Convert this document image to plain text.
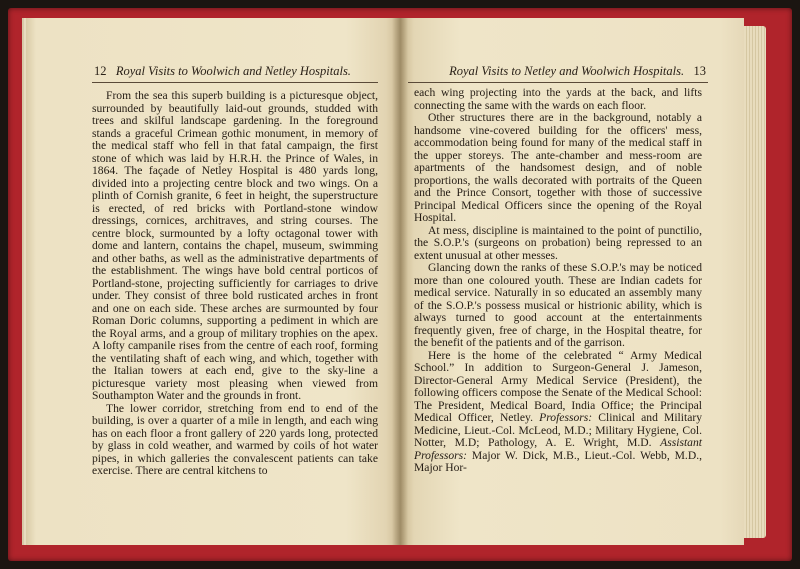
12 Royal Visits to Woolwich and Netley Hospitals.

From the sea this superb building is a picturesque object, surrounded by beautifully laid-out grounds, studded with trees and skilful landscape gardening. In the foreground stands a graceful Crimean gothic monument, in memory of the medical staff who fell in that fatal campaign, the first stone of which was laid by H.R.H. the Prince of Wales, in 1864. The façade of Netley Hospital is 480 yards long, divided into a projecting centre block and two wings. On a plinth of Cornish granite, 6 feet in height, the superstructure is erected, of red bricks with Portland-stone window dressings, cornices, architraves, and string courses. The centre block, surmounted by a lofty octagonal tower with dome and lantern, contains the chapel, museum, swimming and other baths, as well as the administrative departments of the establishment. The wings have bold central porticos of Portland-stone, projecting sufficiently for carriages to drive under. They consist of three bold rusticated arches in front and one on each side. These arches are surmounted by four Roman Doric columns, supporting a pediment in which are the Royal arms, and a group of military trophies on the apex. A lofty campanile rises from the centre of each roof, forming the ventilating shaft of each wing, and which, together with the Italian towers at each end, give to the sky-line a picturesque variety most pleasing when viewed from Southampton Water and the grounds in front.

The lower corridor, stretching from end to end of the building, is over a quarter of a mile in length, and each wing has on each floor a front gallery of 220 yards long, protected by glass in cold weather, and warmed by coils of hot water pipes, in which galleries the convalescent patients can take exercise. There are central kitchens to

Royal Visits to Netley and Woolwich Hospitals. 13

each wing projecting into the yards at the back, and lifts connecting the same with the wards on each floor.

Other structures there are in the background, notably a handsome vine-covered building for the officers' mess, accommodation being found for many of the medical staff in the upper storeys. The ante-chamber and mess-room are apartments of the handsomest design, and of noble proportions, the walls decorated with portraits of the Queen and the Prince Consort, together with those of successive Principal Medical Officers since the opening of the Royal Hospital.

At mess, discipline is maintained to the point of punctilio, the S.O.P.'s (surgeons on probation) being repressed to an extent unusual at other messes.

Glancing down the ranks of these S.O.P.'s may be noticed more than one coloured youth. These are Indian cadets for medical service. Naturally in so educated an assembly many of the S.O.P.'s possess musical or histrionic ability, which is always turned to good account at the entertainments frequently given, free of charge, in the Hospital theatre, for the benefit of the patients and of the garrison.

Here is the home of the celebrated “ Army Medical School.” In addition to Surgeon-General J. Jameson, Director-General Army Medical Service (President), the following officers compose the Senate of the Medical School: The President, Medical Board, India Office; the Principal Medical Officer, Netley. Professors: Clinical and Military Medicine, Lieut.-Col. McLeod, M.D.; Military Hygiene, Col. Notter, M.D; Pathology, A. E. Wright, M.D. Assistant Professors: Major W. Dick, M.B., Lieut.-Col. Webb, M.D., Major Hor-
